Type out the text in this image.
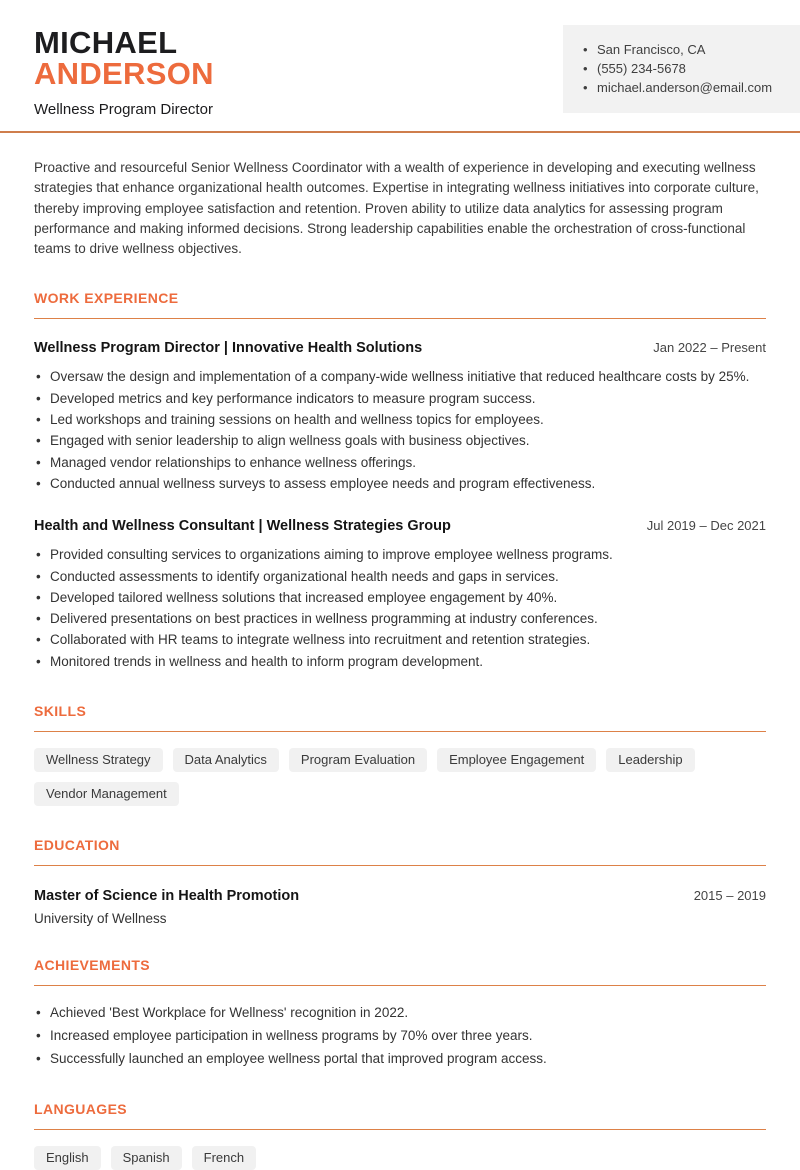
MICHAEL
ANDERSON
Wellness Program Director
• San Francisco, CA
• (555) 234-5678
• michael.anderson@email.com

Proactive and resourceful Senior Wellness Coordinator with a wealth of experience in developing and executing wellness strategies that enhance organizational health outcomes. Expertise in integrating wellness initiatives into corporate culture, thereby improving employee satisfaction and retention. Proven ability to utilize data analytics for assessing program performance and making informed decisions. Strong leadership capabilities enable the orchestration of cross-functional teams to drive wellness objectives.

WORK EXPERIENCE
Wellness Program Director | Innovative Health Solutions	Jan 2022 – Present
• Oversaw the design and implementation of a company-wide wellness initiative that reduced healthcare costs by 25%.
• Developed metrics and key performance indicators to measure program success.
• Led workshops and training sessions on health and wellness topics for employees.
• Engaged with senior leadership to align wellness goals with business objectives.
• Managed vendor relationships to enhance wellness offerings.
• Conducted annual wellness surveys to assess employee needs and program effectiveness.
Health and Wellness Consultant | Wellness Strategies Group	Jul 2019 – Dec 2021
• Provided consulting services to organizations aiming to improve employee wellness programs.
• Conducted assessments to identify organizational health needs and gaps in services.
• Developed tailored wellness solutions that increased employee engagement by 40%.
• Delivered presentations on best practices in wellness programming at industry conferences.
• Collaborated with HR teams to integrate wellness into recruitment and retention strategies.
• Monitored trends in wellness and health to inform program development.
SKILLS
Wellness Strategy	Data Analytics	Program Evaluation	Employee Engagement	Leadership
Vendor Management
EDUCATION
Master of Science in Health Promotion	2015 – 2019
University of Wellness
ACHIEVEMENTS
• Achieved 'Best Workplace for Wellness' recognition in 2022.
• Increased employee participation in wellness programs by 70% over three years.
• Successfully launched an employee wellness portal that improved program access.
LANGUAGES
English	Spanish	French
